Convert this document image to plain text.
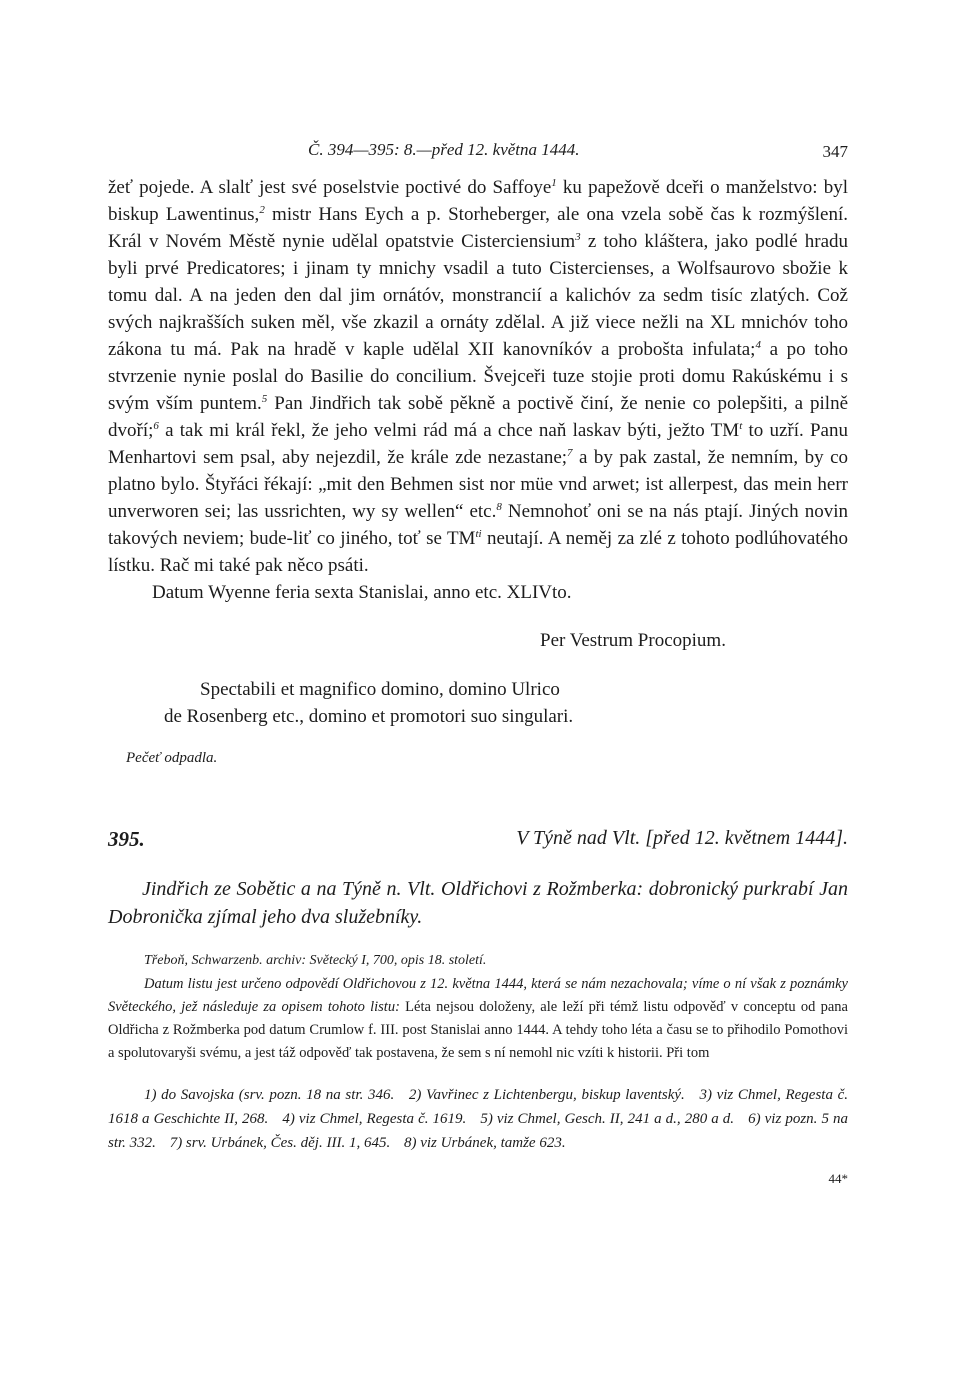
Č. 394—395: 8.—před 12. května 1444.	347

žeť pojede. A slalť jest své poselstvie poctivé do Saffoye$^1$ ku papežově dceři o manželstvo: byl biskup Lawentinus,$^2$ mistr Hans Eych a p. Storheberger, ale ona vzela sobě čas k rozmýšlení. Král v Novém Městě nynie udělal opatstvie Cisterciensium$^3$ z toho kláštera, jako podlé hradu byli prvé Predicatores; i jinam ty mnichy vsadil a tuto Cistercienses, a Wolfsaurovo sbožie k tomu dal. A na jeden den dal jim ornátóv, monstrancií a kalichóv za sedm tisíc zlatých. Což svých najkrašších suken měl, vše zkazil a ornáty zdělal. A již viece nežli na XL mnichóv toho zákona tu má. Pak na hradě v kaple udělal XII kanovníkóv a probošta infulata;$^4$ a po toho stvrzenie nynie poslal do Basilie do concilium. Švejceři tuze stojie proti domu Rakúskému i s svým vším puntem.$^5$ Pan Jindřich tak sobě pěkně a poctivě činí, že nenie co polepšiti, a pilně dvoří;$^6$ a tak mi král řekl, že jeho velmi rád má a chce naň laskav býti, ježto $TM^t$ to uzří. Panu Menhartovi sem psal, aby nejezdil, že krále zde nezastane;$^7$ a by pak zastal, že nemním, by co platno bylo. Štyřáci řékají: „mit den Behmen sist nor müe vnd arwet; ist allerpest, das mein herr unverworen sei; las ussrichten, wy sy wellen“ etc.$^8$ Nemnohoť oni se na nás ptají. Jiných novin takových neviem; bude-liť co jiného, toť se $TM^{ti}$ neutají. A neměj za zlé z tohoto podlúhovatého lístku. Rač mi také pak něco psáti.

Datum Wyenne feria sexta Stanislai, anno etc. XLIVto.

Per Vestrum Procopium.
Spectabili et magnifico domino, domino Ulrico
de Rosenberg etc., domino et promotori suo singulari.
Pečeť odpadla.
395.	V Týně nad Vlt. [před 12. květnem 1444].

Jindřich ze Sobětic a na Týně n. Vlt. Oldřichovi z Rožmberka: dobronický purkrabí Jan Dobronička zjímal jeho dva služebníky.

Třeboň, Schwarzenb. archiv: Světecký I, 700, opis 18. století.

Datum listu jest určeno odpovědí Oldřichovou z 12. května 1444, která se nám nezachovala; víme o ní však z poznámky Světeckého, jež následuje za opisem tohoto listu: Léta nejsou doloženy, ale leží při témž listu odpověď v conceptu od pana Oldřicha z Rožmberka pod datum Crumlow f. III. post Stanislai anno 1444. A tehdy toho léta a času se to přihodilo Pomothovi a spolutovaryši svému, a jest táž odpověď tak postavena, že sem s ní nemohl nic vzíti k historii. Při tom

1) do Savojska (srv. pozn. 18 na str. 346. 2) Vavřinec z Lichtenbergu, biskup laventský. 3) viz Chmel, Regesta č. 1618 a Geschichte II, 268. 4) viz Chmel, Regesta č. 1619. 5) viz Chmel, Gesch. II, 241 a d., 280 a d. 6) viz pozn. 5 na str. 332. 7) srv. Urbánek, Čes. děj. III. 1, 645. 8) viz Urbánek, tamže 623.

44*
